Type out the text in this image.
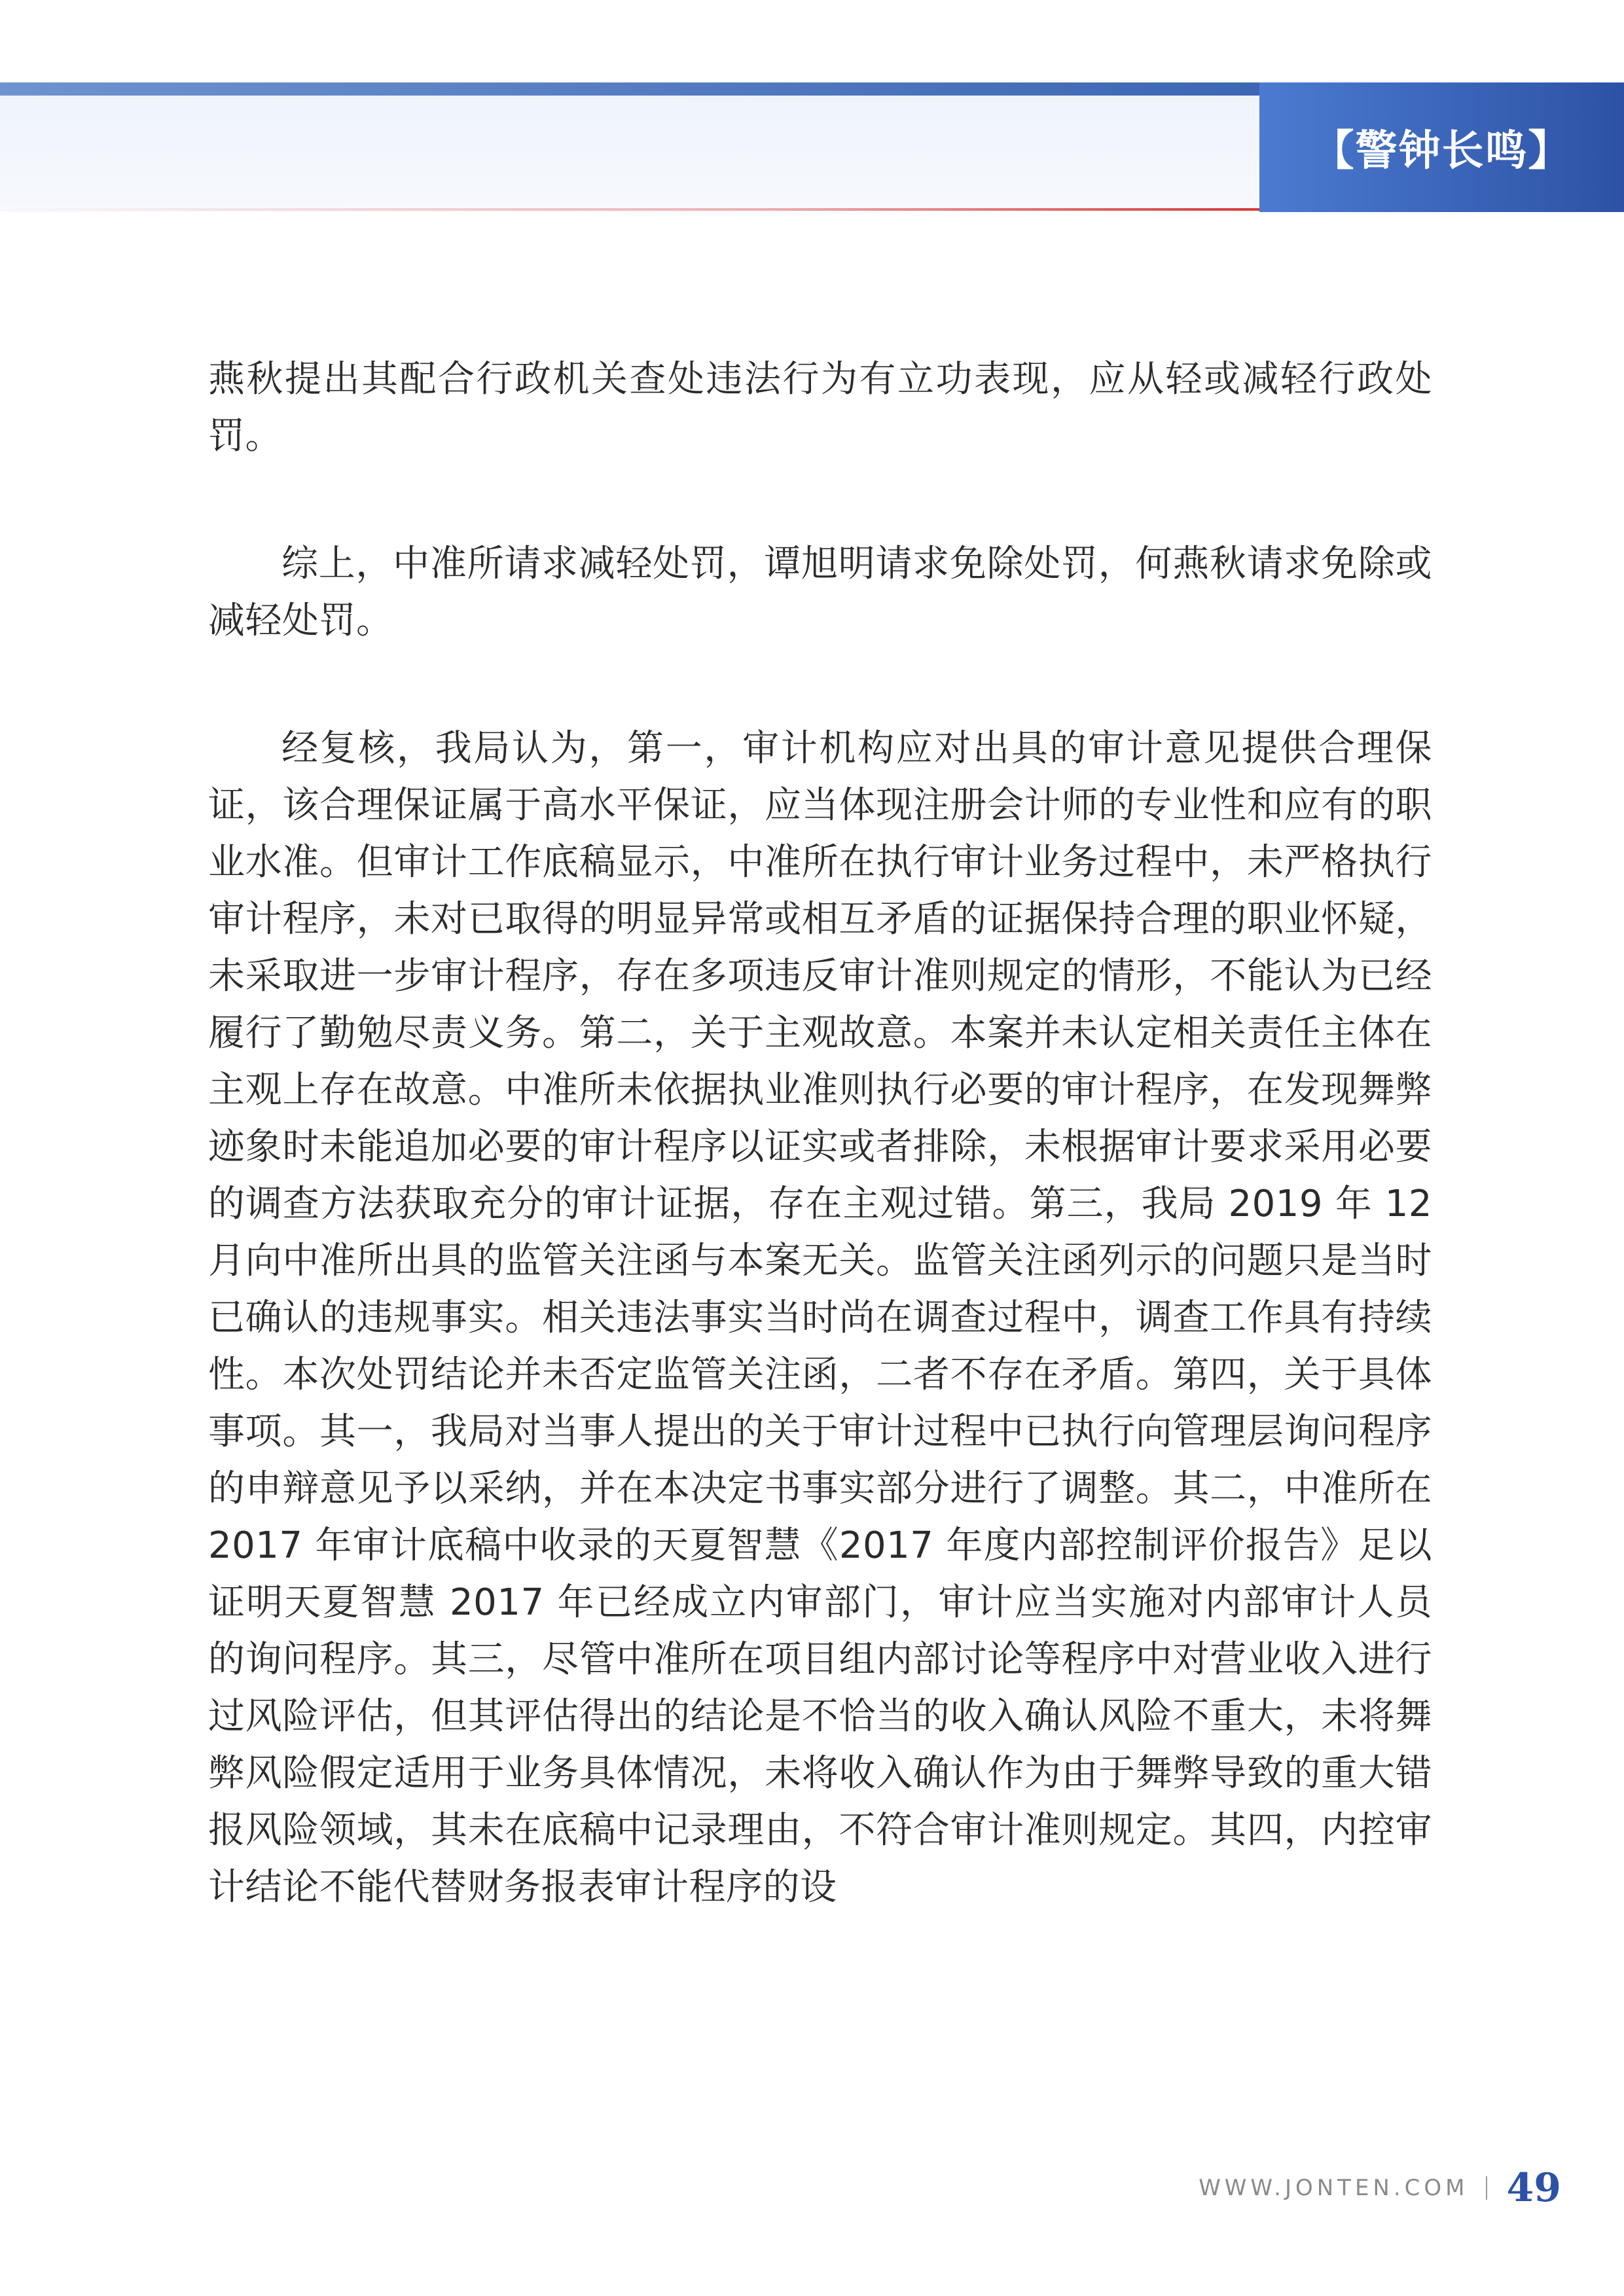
【警钟长鸣】

燕秋提出其配合行政机关查处违法行为有立功表现，应从轻或减轻行政处罚。

综上，中准所请求减轻处罚，谭旭明请求免除处罚，何燕秋请求免除或减轻处罚。

经复核，我局认为，第一，审计机构应对出具的审计意见提供合理保证，该合理保证属于高水平保证，应当体现注册会计师的专业性和应有的职业水准。但审计工作底稿显示，中准所在执行审计业务过程中，未严格执行审计程序，未对已取得的明显异常或相互矛盾的证据保持合理的职业怀疑，未采取进一步审计程序，存在多项违反审计准则规定的情形，不能认为已经履行了勤勉尽责义务。第二，关于主观故意。本案并未认定相关责任主体在主观上存在故意。中准所未依据执业准则执行必要的审计程序，在发现舞弊迹象时未能追加必要的审计程序以证实或者排除，未根据审计要求采用必要的调查方法获取充分的审计证据，存在主观过错。第三，我局 2019 年 12 月向中准所出具的监管关注函与本案无关。监管关注函列示的问题只是当时已确认的违规事实。相关违法事实当时尚在调查过程中，调查工作具有持续性。本次处罚结论并未否定监管关注函，二者不存在矛盾。第四，关于具体事项。其一，我局对当事人提出的关于审计过程中已执行向管理层询问程序的申辩意见予以采纳，并在本决定书事实部分进行了调整。其二，中准所在 2017 年审计底稿中收录的天夏智慧《2017 年度内部控制评价报告》足以证明天夏智慧 2017 年已经成立内审部门，审计应当实施对内部审计人员的询问程序。其三，尽管中准所在项目组内部讨论等程序中对营业收入进行过风险评估，但其评估得出的结论是不恰当的收入确认风险不重大，未将舞弊风险假定适用于业务具体情况，未将收入确认作为由于舞弊导致的重大错报风险领域，其未在底稿中记录理由，不符合审计准则规定。其四，内控审计结论不能代替财务报表审计程序的设

WWW.JONTEN.COM 49
